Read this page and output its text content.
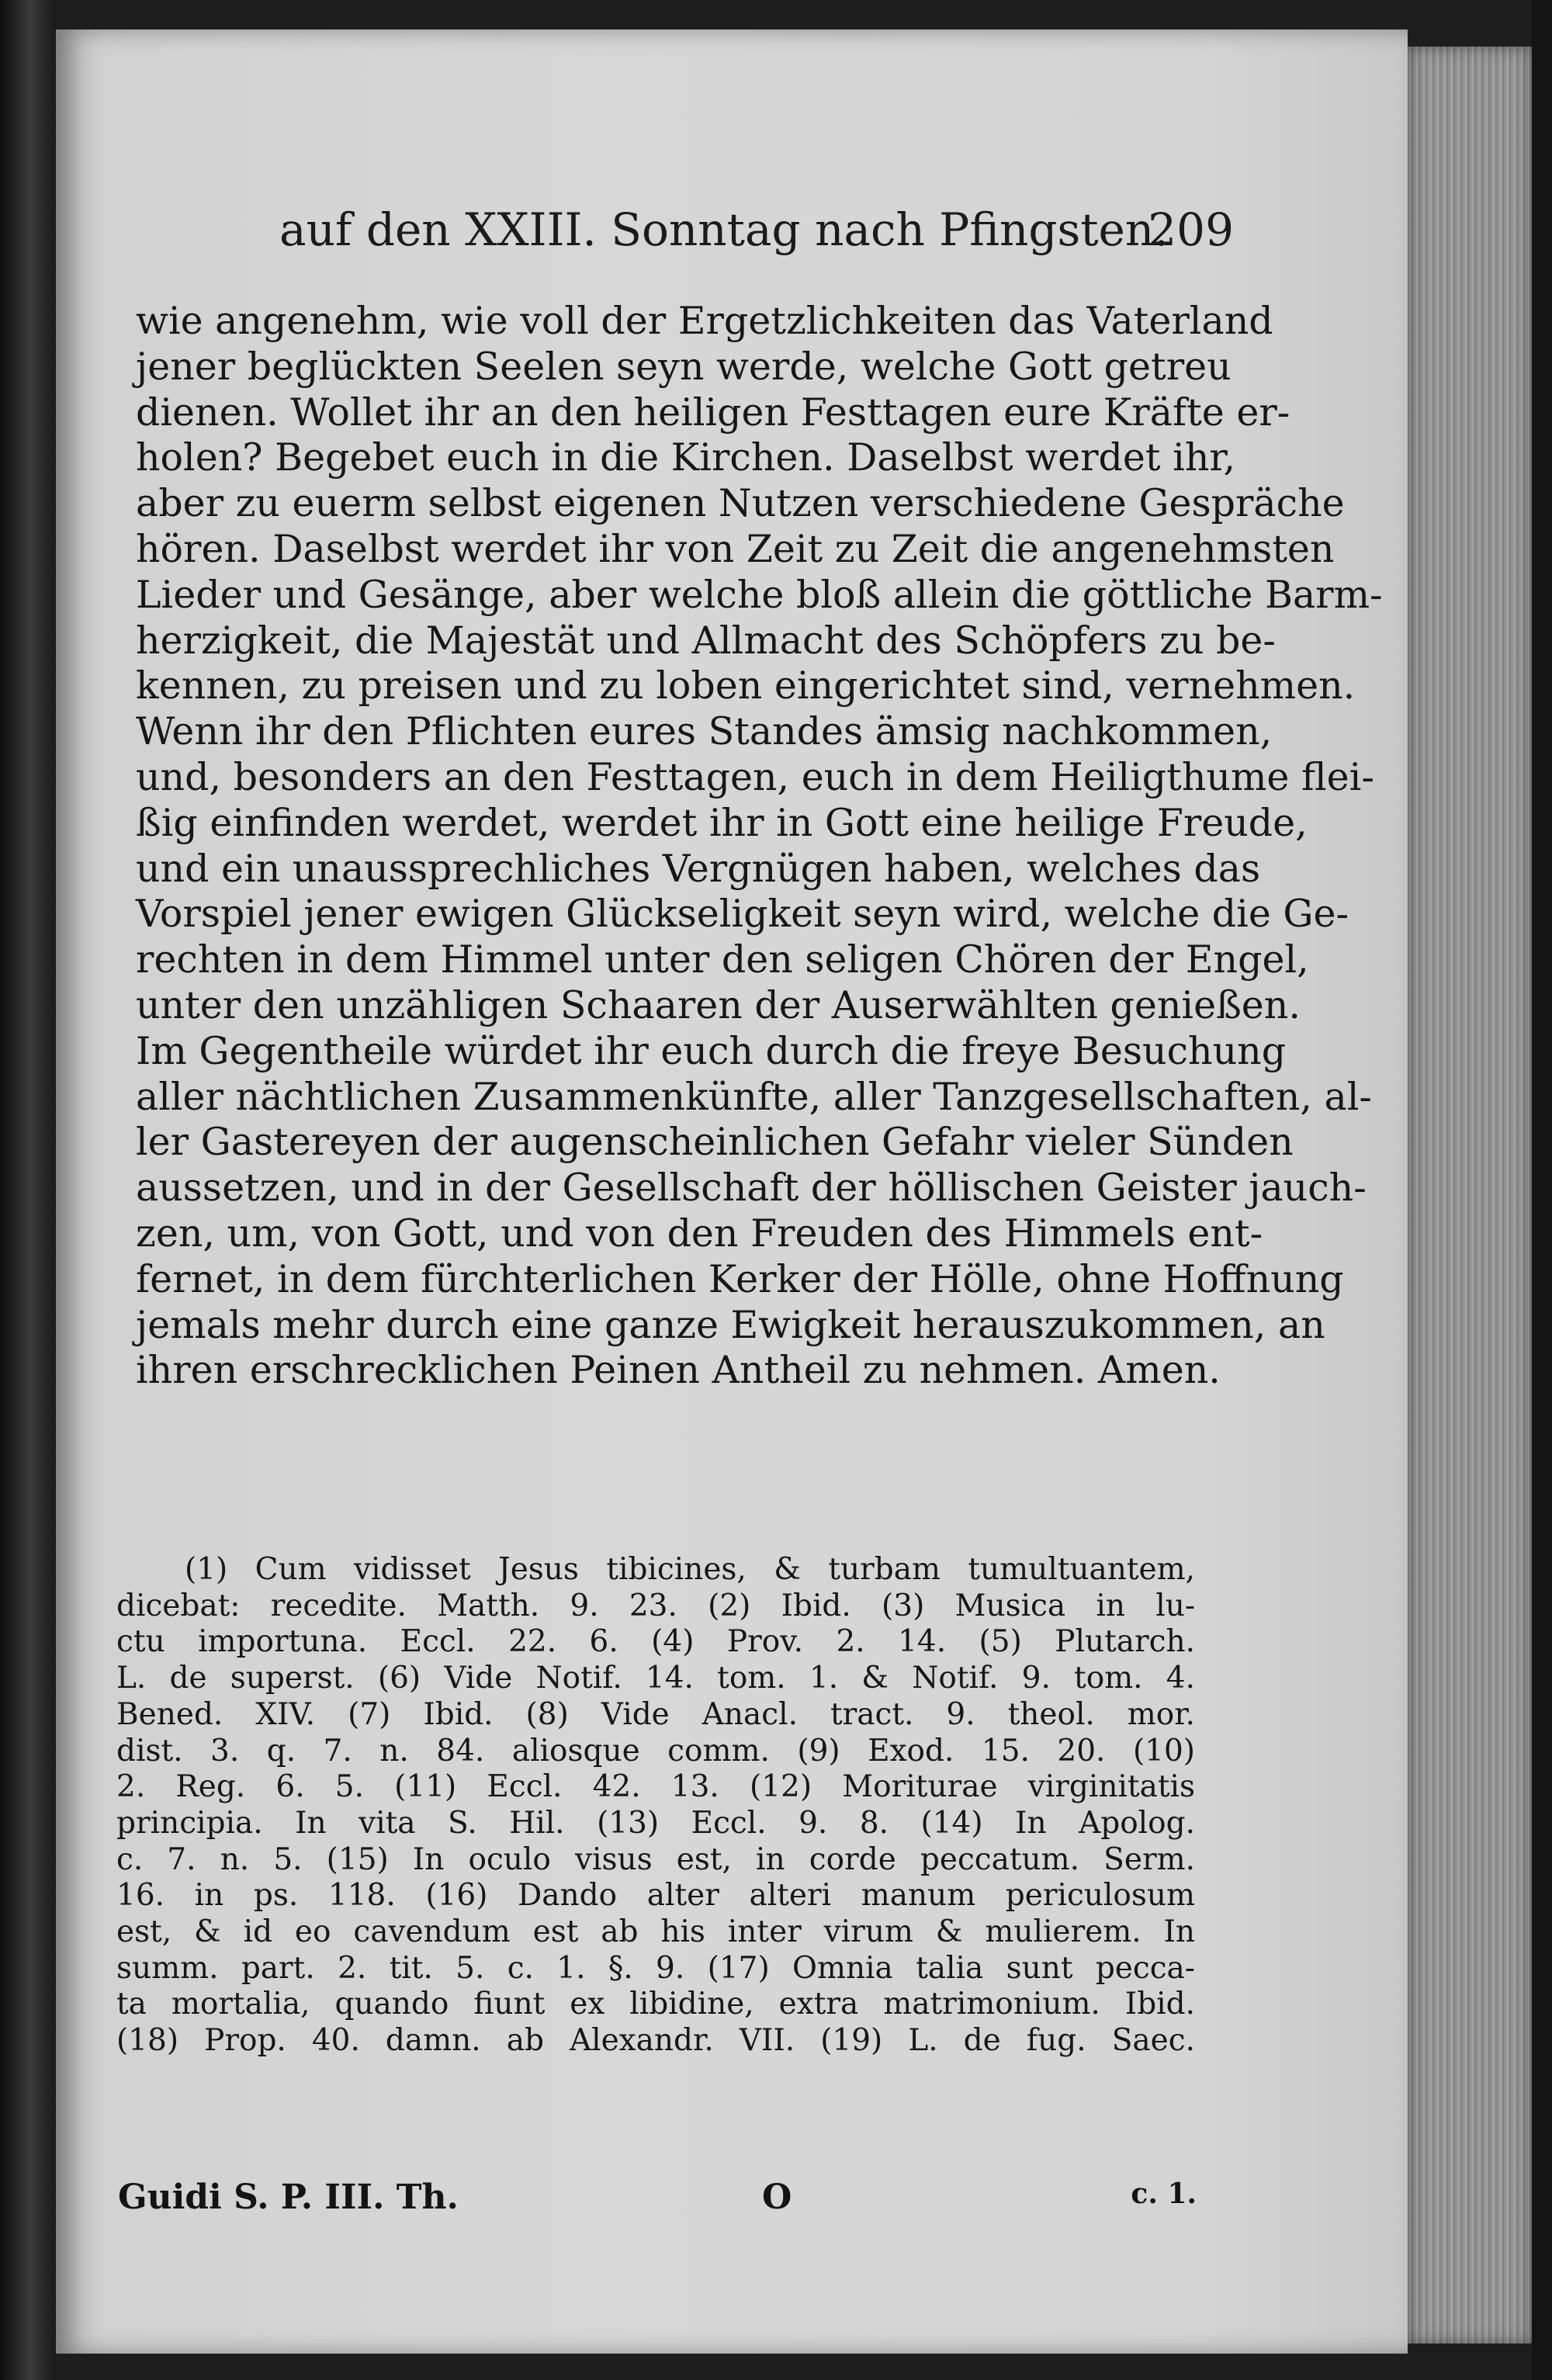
auf den XXIII. Sonntag nach Pfingsten.
209
wie angenehm, wie voll der Ergetzlichkeiten das Vaterland
jener beglückten Seelen seyn werde, welche Gott getreu
dienen. Wollet ihr an den heiligen Festtagen eure Kräfte er-
holen? Begebet euch in die Kirchen. Daselbst werdet ihr,
aber zu euerm selbst eigenen Nutzen verschiedene Gespräche
hören. Daselbst werdet ihr von Zeit zu Zeit die angenehmsten
Lieder und Gesänge, aber welche bloß allein die göttliche Barm-
herzigkeit, die Majestät und Allmacht des Schöpfers zu be-
kennen, zu preisen und zu loben eingerichtet sind, vernehmen.
Wenn ihr den Pflichten eures Standes ämsig nachkommen,
und, besonders an den Festtagen, euch in dem Heiligthume flei-
ßig einfinden werdet, werdet ihr in Gott eine heilige Freude,
und ein unaussprechliches Vergnügen haben, welches das
Vorspiel jener ewigen Glückseligkeit seyn wird, welche die Ge-
rechten in dem Himmel unter den seligen Chören der Engel,
unter den unzähligen Schaaren der Auserwählten genießen.
Im Gegentheile würdet ihr euch durch die freye Besuchung
aller nächtlichen Zusammenkünfte, aller Tanzgesellschaften, al-
ler Gastereyen der augenscheinlichen Gefahr vieler Sünden
aussetzen, und in der Gesellschaft der höllischen Geister jauch-
zen, um, von Gott, und von den Freuden des Himmels ent-
fernet, in dem fürchterlichen Kerker der Hölle, ohne Hoffnung
jemals mehr durch eine ganze Ewigkeit herauszukommen, an
ihren erschrecklichen Peinen Antheil zu nehmen. Amen.
(1) Cum vidisset Jesus tibicines, & turbam tumultuantem,
dicebat: recedite. Matth. 9. 23. (2) Ibid. (3) Musica in lu-
ctu importuna. Eccl. 22. 6. (4) Prov. 2. 14. (5) Plutarch.
L. de superst. (6) Vide Notif. 14. tom. 1. & Notif. 9. tom. 4.
Bened. XIV. (7) Ibid. (8) Vide Anacl. tract. 9. theol. mor.
dist. 3. q. 7. n. 84. aliosque comm. (9) Exod. 15. 20. (10)
2. Reg. 6. 5. (11) Eccl. 42. 13. (12) Moriturae virginitatis
principia. In vita S. Hil. (13) Eccl. 9. 8. (14) In Apolog.
c. 7. n. 5. (15) In oculo visus est, in corde peccatum. Serm.
16. in ps. 118. (16) Dando alter alteri manum periculosum
est, & id eo cavendum est ab his inter virum & mulierem. In
summ. part. 2. tit. 5. c. 1. §. 9. (17) Omnia talia sunt pecca-
ta mortalia, quando fiunt ex libidine, extra matrimonium. Ibid.
(18) Prop. 40. damn. ab Alexandr. VII. (19) L. de fug. Saec.
Guidi S. P. III. Th.	O	c. 1.
